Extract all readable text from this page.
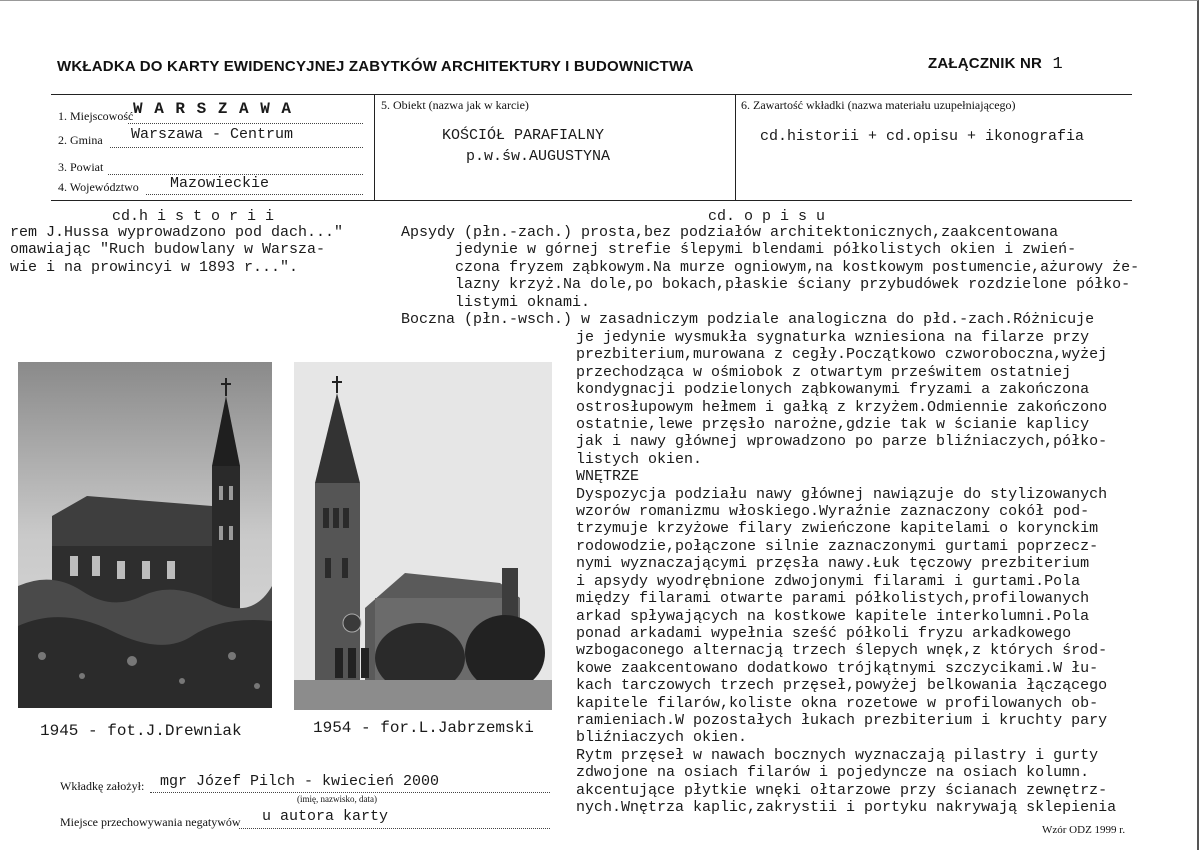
WKŁADKA DO KARTY EWIDENCYJNEJ ZABYTKÓW ARCHITEKTURY I BUDOWNICTWA	ZAŁĄCZNIK NR 1
1. Miejscowość W A R S Z A W A
2. Gmina Warszawa - Centrum
3. Powiat
4. Województwo Mazowieckie
5. Obiekt (nazwa jak w karcie)
KOŚCIÓŁ PARAFIALNY
p.w.św.AUGUSTYNA
6. Zawartość wkładki (nazwa materiału uzupełniającego)
cd.historii + cd.opisu + ikonografia
cd.h i s t o r i i
rem J.Hussa wyprowadzono pod dach..."
omawiając "Ruch budowlany w Warsza-
wie i na prowincyi w 1893 r...".
cd. o p i s u
Apsydy (płn.-zach.) prosta,bez podziałów architektonicznych,zaakcentowana
jedynie w górnej strefie ślepymi blendami półkolistych okien i zwień-
czona fryzem ząbkowym.Na murze ogniowym,na kostkowym postumencie,ażurowy że-
lazny krzyż.Na dole,po bokach,płaskie ściany przybudówek rozdzielone półko-
listymi oknami.
Boczna (płn.-wsch.) w zasadniczym podziale analogiczna do płd.-zach.Różnicuje
je jedynie wysmukła sygnaturka wzniesiona na filarze przy
prezbiterium,murowana z cegły.Początkowo czworoboczna,wyżej
przechodząca w ośmiobok z otwartym prześwitem ostatniej
kondygnacji podzielonych ząbkowanymi fryzami a zakończona
ostrosłupowym hełmem i gałką z krzyżem.Odmiennie zakończono
ostatnie,lewe przęsło narożne,gdzie tak w ścianie kaplicy
jak i nawy głównej wprowadzono po parze bliźniaczych,półko-
listych okien.
WNĘTRZE
Dyspozycja podziału nawy głównej nawiązuje do stylizowanych
wzorów romanizmu włoskiego.Wyraźnie zaznaczony cokół pod-
trzymuje krzyżowe filary zwieńczone kapitelami o korynckim
rodowodzie,połączone silnie zaznaczonymi gurtami poprzecz-
nymi wyznaczającymi przęsła nawy.Łuk tęczowy prezbiterium
i apsydy wyodrębnione zdwojonymi filarami i gurtami.Pola
między filarami otwarte parami półkolistych,profilowanych
arkad spływających na kostkowe kapitele interkolumni.Pola
ponad arkadami wypełnia sześć półkoli fryzu arkadkowego
wzbogaconego alternacją trzech ślepych wnęk,z których środ-
kowe zaakcentowano dodatkowo trójkątnymi szczycikami.W łu-
kach tarczowych trzech przęseł,powyżej belkowania łączącego
kapitele filarów,koliste okna rozetowe w profilowanych ob-
ramieniach.W pozostałych łukach prezbiterium i kruchty pary
bliźniaczych okien.
Rytm przęseł w nawach bocznych wyznaczają pilastry i gurty
zdwojone na osiach filarów i pojedyncze na osiach kolumn.
akcentujące płytkie wnęki ołtarzowe przy ścianach zewnętrz-
nych.Wnętrza kaplic,zakrystii i portyku nakrywają sklepienia
1945 - fot.J.Drewniak	1954 - for.L.Jabrzemski
Wkładkę założył: mgr Józef Pilch - kwiecień 2000
(imię, nazwisko, data)
Miejsce przechowywania negatywów u autora karty
Wzór ODZ 1999 r.
